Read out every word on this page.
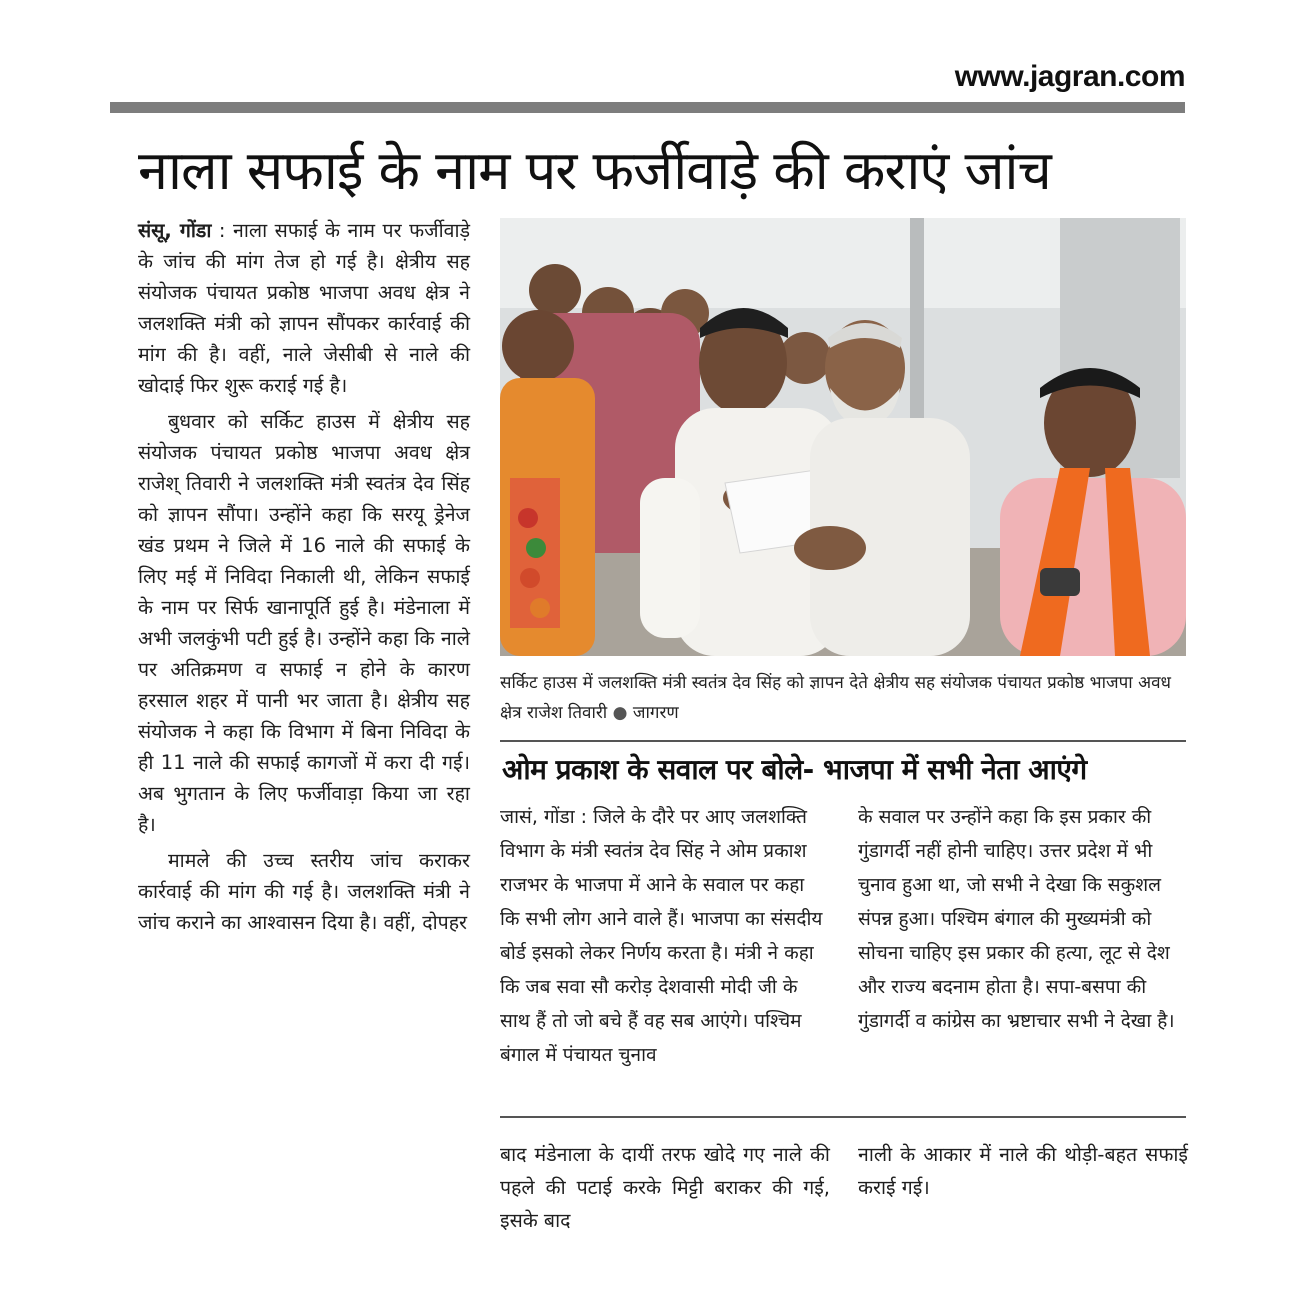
www.jagran.com
नाला सफाई के नाम पर फर्जीवाड़े की कराएं जांच

संसू, गोंडा : नाला सफाई के नाम पर फर्जीवाड़े के जांच की मांग तेज हो गई है। क्षेत्रीय सह संयोजक पंचायत प्रकोष्ठ भाजपा अवध क्षेत्र ने जलशक्ति मंत्री को ज्ञापन सौंपकर कार्रवाई की मांग की है। वहीं, नाले जेसीबी से नाले की खोदाई फिर शुरू कराई गई है।

बुधवार को सर्किट हाउस में क्षेत्रीय सह संयोजक पंचायत प्रकोष्ठ भाजपा अवध क्षेत्र राजेश् तिवारी ने जलशक्ति मंत्री स्वतंत्र देव सिंह को ज्ञापन सौंपा। उन्होंने कहा कि सरयू ड्रेनेज खंड प्रथम ने जिले में 16 नाले की सफाई के लिए मई में निविदा निकाली थी, लेकिन सफाई के नाम पर सिर्फ खानापूर्ति हुई है। मंडेनाला में अभी जलकुंभी पटी हुई है। उन्होंने कहा कि नाले पर अतिक्रमण व सफाई न होने के कारण हरसाल शहर में पानी भर जाता है। क्षेत्रीय सह संयोजक ने कहा कि विभाग में बिना निविदा के ही 11 नाले की सफाई कागजों में करा दी गई। अब भुगतान के लिए फर्जीवाड़ा किया जा रहा है।

मामले की उच्च स्तरीय जांच कराकर कार्रवाई की मांग की गई है। जलशक्ति मंत्री ने जांच कराने का आश्वासन दिया है। वहीं, दोपहर

सर्किट हाउस में जलशक्ति मंत्री स्वतंत्र देव सिंह को ज्ञापन देते क्षेत्रीय सह संयोजक पंचायत प्रकोष्ठ भाजपा अवध क्षेत्र राजेश तिवारी ● जागरण
ओम प्रकाश के सवाल पर बोले- भाजपा में सभी नेता आएंगे

जासं, गोंडा : जिले के दौरे पर आए जलशक्ति विभाग के मंत्री स्वतंत्र देव सिंह ने ओम प्रकाश राजभर के भाजपा में आने के सवाल पर कहा कि सभी लोग आने वाले हैं। भाजपा का संसदीय बोर्ड इसको लेकर निर्णय करता है। मंत्री ने कहा कि जब सवा सौ करोड़ देशवासी मोदी जी के साथ हैं तो जो बचे हैं वह सब आएंगे। पश्चिम बंगाल में पंचायत चुनाव

के सवाल पर उन्होंने कहा कि इस प्रकार की गुंडागर्दी नहीं होनी चाहिए। उत्तर प्रदेश में भी चुनाव हुआ था, जो सभी ने देखा कि सकुशल संपन्न हुआ। पश्चिम बंगाल की मुख्यमंत्री को सोचना चाहिए इस प्रकार की हत्या, लूट से देश और राज्य बदनाम होता है। सपा-बसपा की गुंडागर्दी व कांग्रेस का भ्रष्टाचार सभी ने देखा है।

बाद मंडेनाला के दायीं तरफ खोदे गए नाले की पहले की पटाई करके मिट्टी बराकर की गई, इसके बाद

नाली के आकार में नाले की थोड़ी-बहत सफाई कराई गई।
